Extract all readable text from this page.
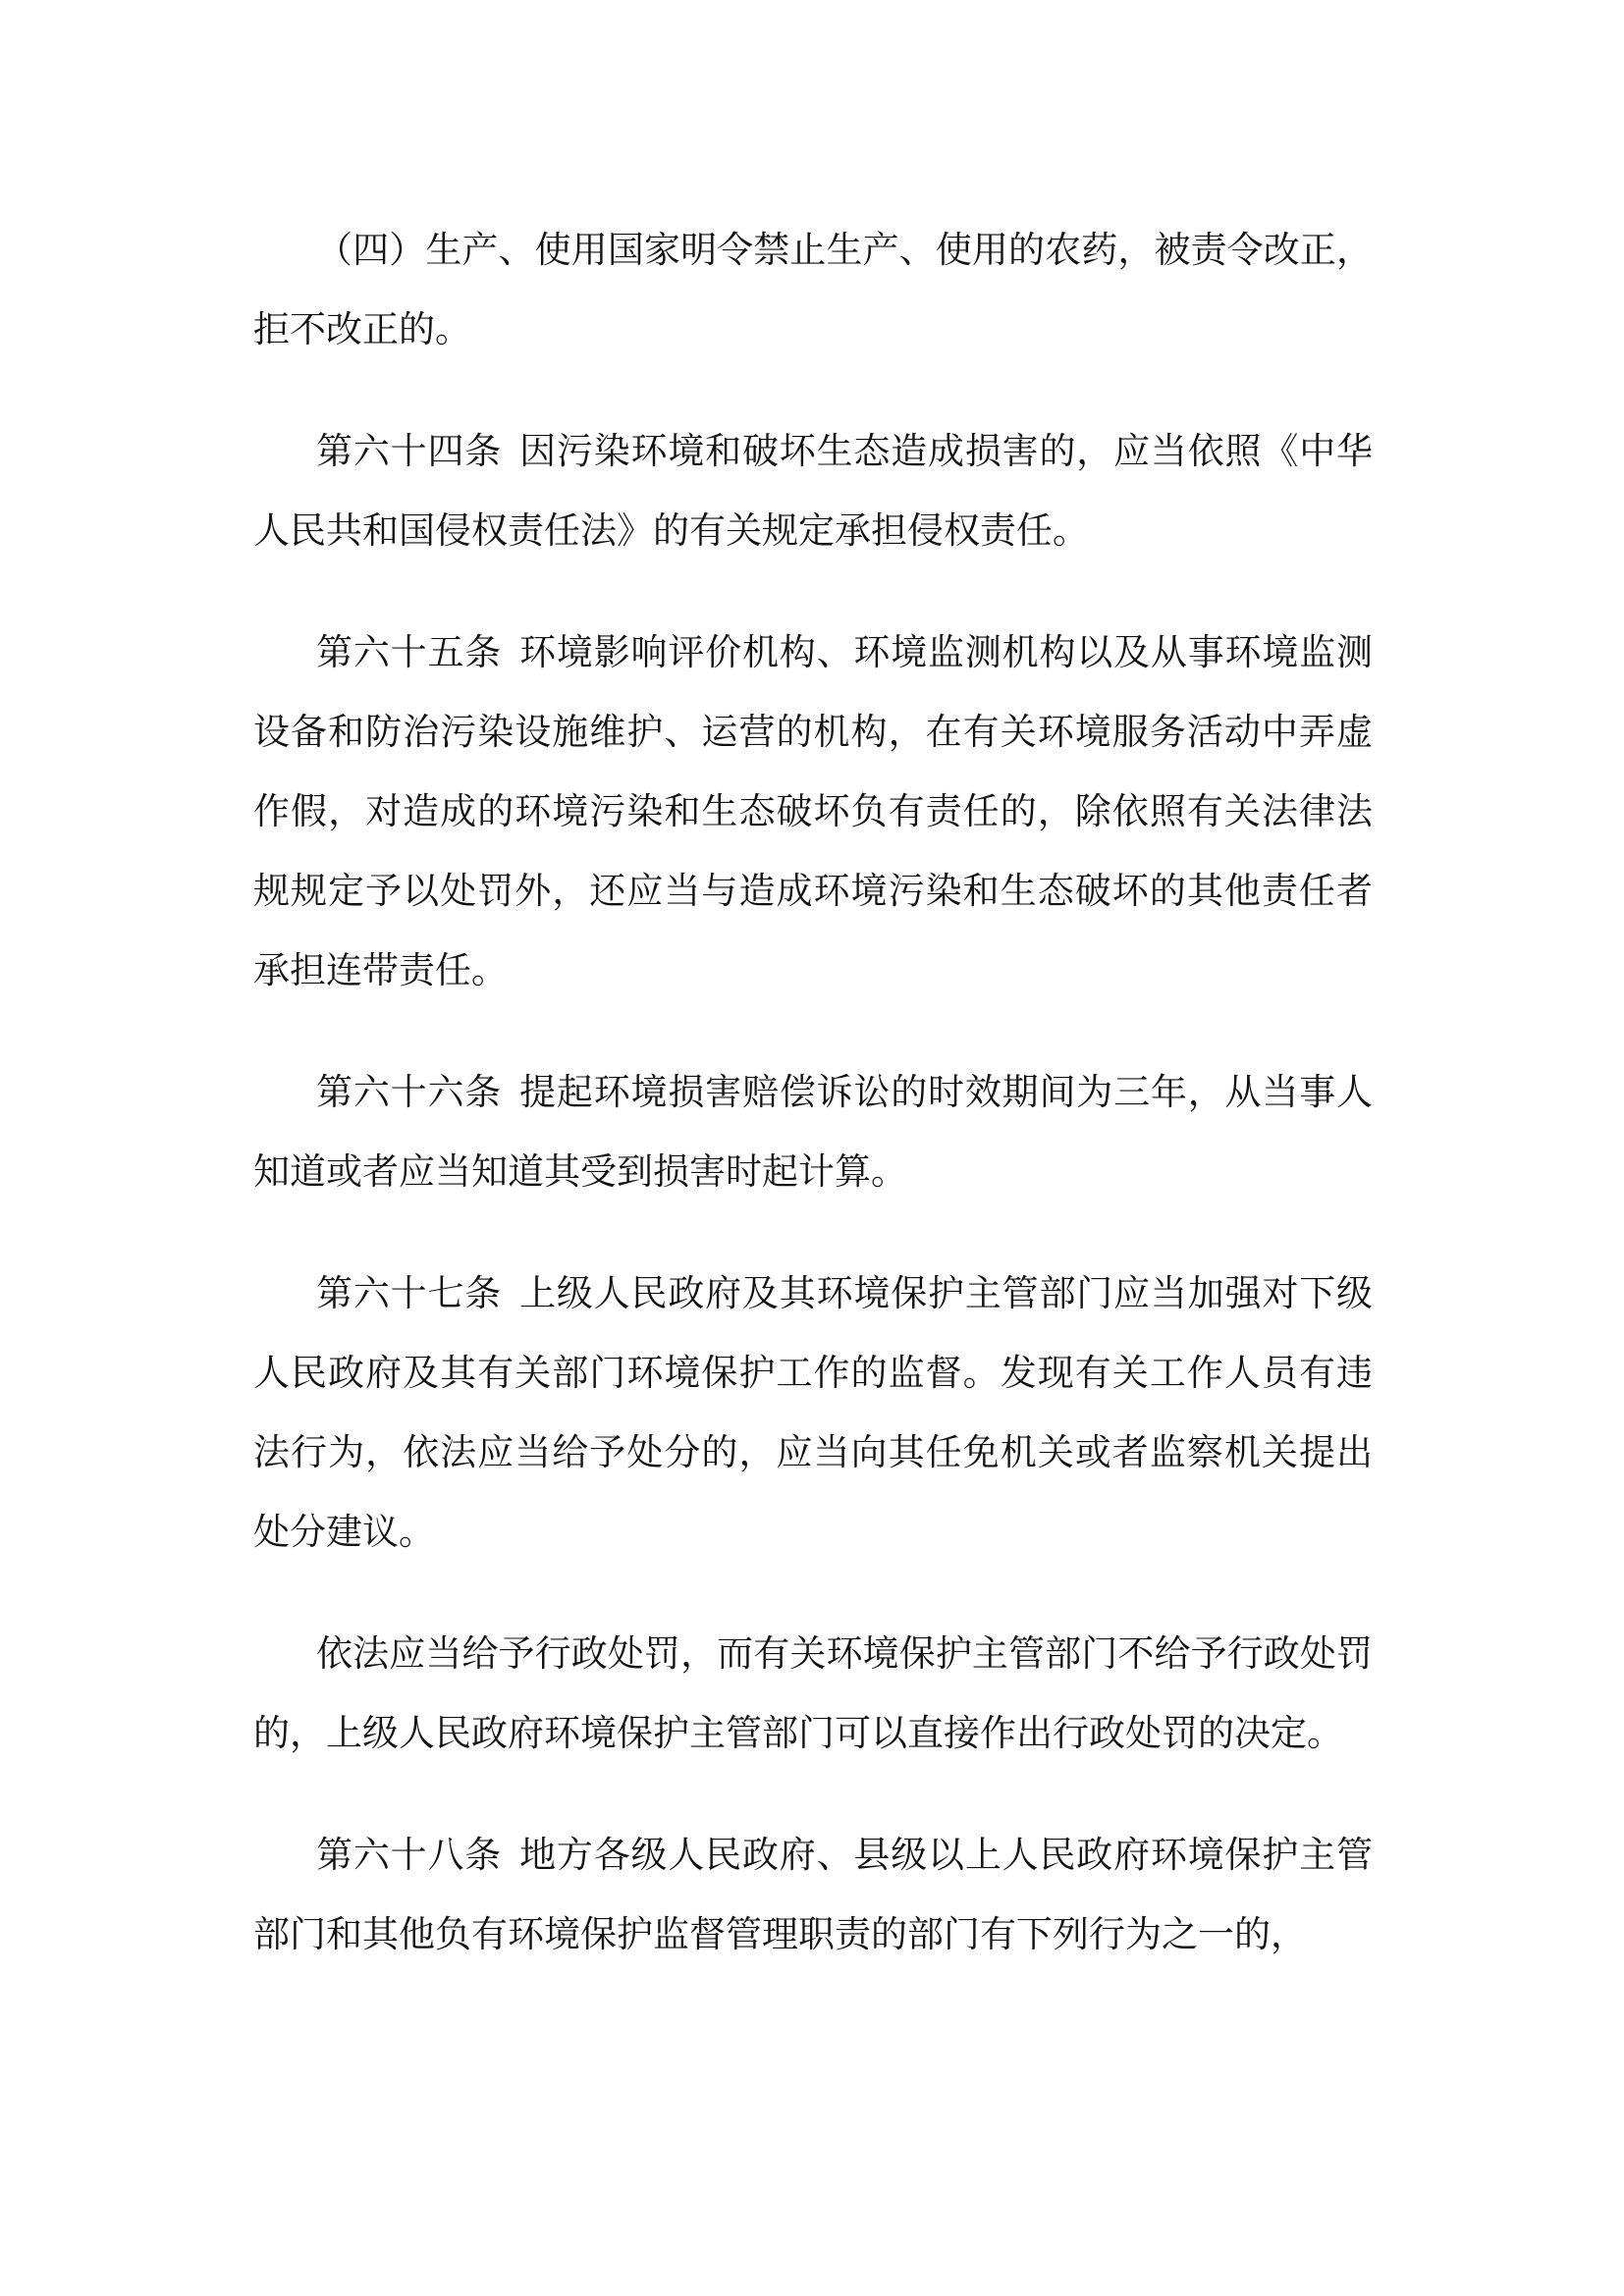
（四）生产、使用国家明令禁止生产、使用的农药，被责令改正，拒不改正的。

第六十四条 因污染环境和破坏生态造成损害的，应当依照《中华人民共和国侵权责任法》的有关规定承担侵权责任。

第六十五条 环境影响评价机构、环境监测机构以及从事环境监测设备和防治污染设施维护、运营的机构，在有关环境服务活动中弄虚作假，对造成的环境污染和生态破坏负有责任的，除依照有关法律法规规定予以处罚外，还应当与造成环境污染和生态破坏的其他责任者承担连带责任。

第六十六条 提起环境损害赔偿诉讼的时效期间为三年，从当事人知道或者应当知道其受到损害时起计算。

第六十七条 上级人民政府及其环境保护主管部门应当加强对下级人民政府及其有关部门环境保护工作的监督。发现有关工作人员有违法行为，依法应当给予处分的，应当向其任免机关或者监察机关提出处分建议。

依法应当给予行政处罚，而有关环境保护主管部门不给予行政处罚的，上级人民政府环境保护主管部门可以直接作出行政处罚的决定。

第六十八条 地方各级人民政府、县级以上人民政府环境保护主管部门和其他负有环境保护监督管理职责的部门有下列行为之一的，
